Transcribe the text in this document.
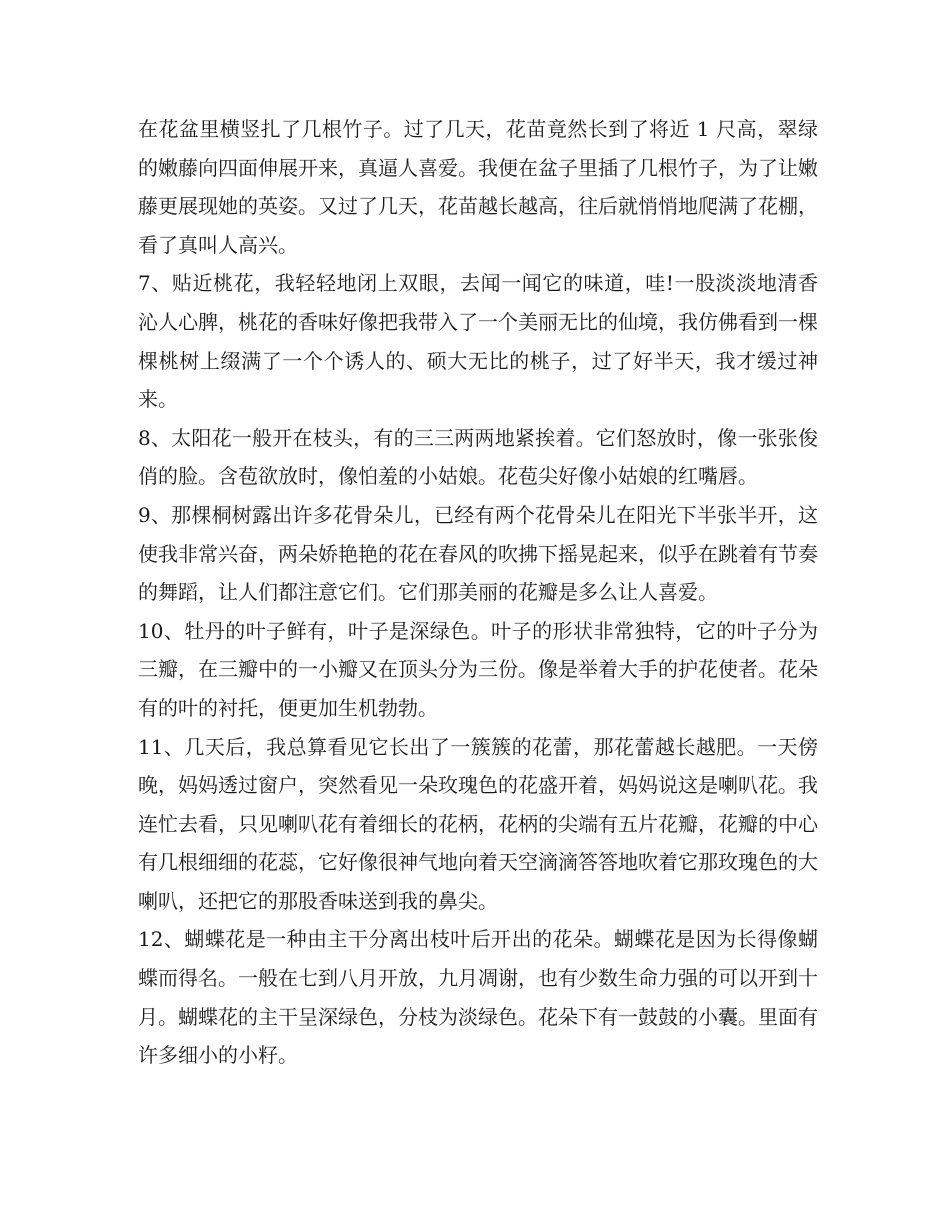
在花盆里横竖扎了几根竹子。过了几天，花苗竟然长到了将近 1 尺高，翠绿的嫩藤向四面伸展开来，真逼人喜爱。我便在盆子里插了几根竹子，为了让嫩藤更展现她的英姿。又过了几天，花苗越长越高，往后就悄悄地爬满了花棚，看了真叫人高兴。

7、贴近桃花，我轻轻地闭上双眼，去闻一闻它的味道，哇!一股淡淡地清香沁人心脾，桃花的香味好像把我带入了一个美丽无比的仙境，我仿佛看到一棵棵桃树上缀满了一个个诱人的、硕大无比的桃子，过了好半天，我才缓过神来。

8、太阳花一般开在枝头，有的三三两两地紧挨着。它们怒放时，像一张张俊俏的脸。含苞欲放时，像怕羞的小姑娘。花苞尖好像小姑娘的红嘴唇。

9、那棵桐树露出许多花骨朵儿，已经有两个花骨朵儿在阳光下半张半开，这使我非常兴奋，两朵娇艳艳的花在春风的吹拂下摇晃起来，似乎在跳着有节奏的舞蹈，让人们都注意它们。它们那美丽的花瓣是多么让人喜爱。

10、牡丹的叶子鲜有，叶子是深绿色。叶子的形状非常独特，它的叶子分为三瓣，在三瓣中的一小瓣又在顶头分为三份。像是举着大手的护花使者。花朵有的叶的衬托，便更加生机勃勃。

11、几天后，我总算看见它长出了一簇簇的花蕾，那花蕾越长越肥。一天傍晚，妈妈透过窗户，突然看见一朵玫瑰色的花盛开着，妈妈说这是喇叭花。我连忙去看，只见喇叭花有着细长的花柄，花柄的尖端有五片花瓣，花瓣的中心有几根细细的花蕊，它好像很神气地向着天空滴滴答答地吹着它那玫瑰色的大喇叭，还把它的那股香味送到我的鼻尖。

12、蝴蝶花是一种由主干分离出枝叶后开出的花朵。蝴蝶花是因为长得像蝴蝶而得名。一般在七到八月开放，九月凋谢，也有少数生命力强的可以开到十月。蝴蝶花的主干呈深绿色，分枝为淡绿色。花朵下有一鼓鼓的小囊。里面有许多细小的小籽。
